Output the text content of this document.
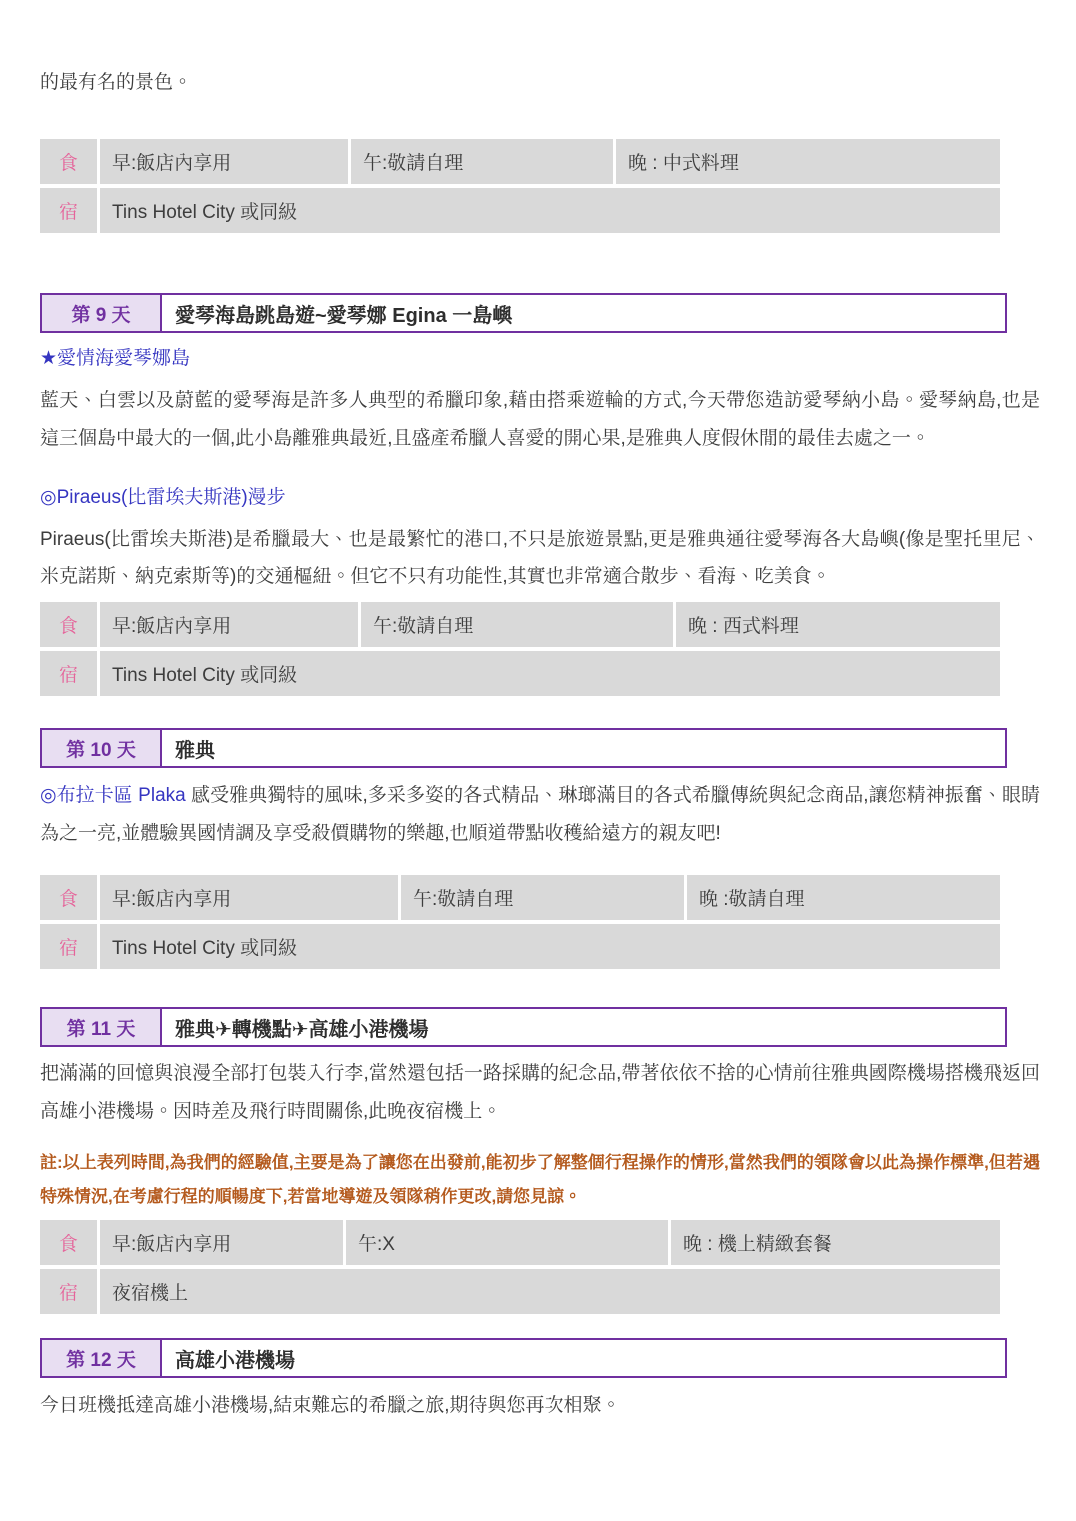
的最有名的景色。

食	早:飯店內享用	午:敬請自理	晚 : 中式料理
宿	Tins Hotel City 或同級
第 9 天	愛琴海島跳島遊~愛琴娜 Egina 一島嶼

★愛情海愛琴娜島

藍天、白雲以及蔚藍的愛琴海是許多人典型的希臘印象,藉由搭乘遊輪的方式,今天帶您造訪愛琴納小島。愛琴納島,也是這三個島中最大的一個,此小島離雅典最近,且盛產希臘人喜愛的開心果,是雅典人度假休閒的最佳去處之一。

◎Piraeus(比雷埃夫斯港)漫步

Piraeus(比雷埃夫斯港)是希臘最大、也是最繁忙的港口,不只是旅遊景點,更是雅典通往愛琴海各大島嶼(像是聖托里尼、米克諾斯、納克索斯等)的交通樞紐。但它不只有功能性,其實也非常適合散步、看海、吃美食。

食	早:飯店內享用	午:敬請自理	晚 : 西式料理
宿	Tins Hotel City 或同級
第 10 天	雅典

◎布拉卡區 Plaka 感受雅典獨特的風味,多采多姿的各式精品、琳瑯滿目的各式希臘傳統與紀念商品,讓您精神振奮、眼睛為之一亮,並體驗異國情調及享受殺價購物的樂趣,也順道帶點收穫給遠方的親友吧!

食	早:飯店內享用	午:敬請自理	晚 :敬請自理
宿	Tins Hotel City 或同級
第 11 天	雅典✈轉機點✈高雄小港機場

把滿滿的回憶與浪漫全部打包裝入行李,當然還包括一路採購的紀念品,帶著依依不捨的心情前往雅典國際機場搭機飛返回高雄小港機場。因時差及飛行時間關係,此晚夜宿機上。

註:以上表列時間,為我們的經驗值,主要是為了讓您在出發前,能初步了解整個行程操作的情形,當然我們的領隊會以此為操作標準,但若遇特殊情況,在考慮行程的順暢度下,若當地導遊及領隊稍作更改,請您見諒。

食	早:飯店內享用	午:X	晚 : 機上精緻套餐
宿	夜宿機上
第 12 天	高雄小港機場

今日班機抵達高雄小港機場,結束難忘的希臘之旅,期待與您再次相聚。
